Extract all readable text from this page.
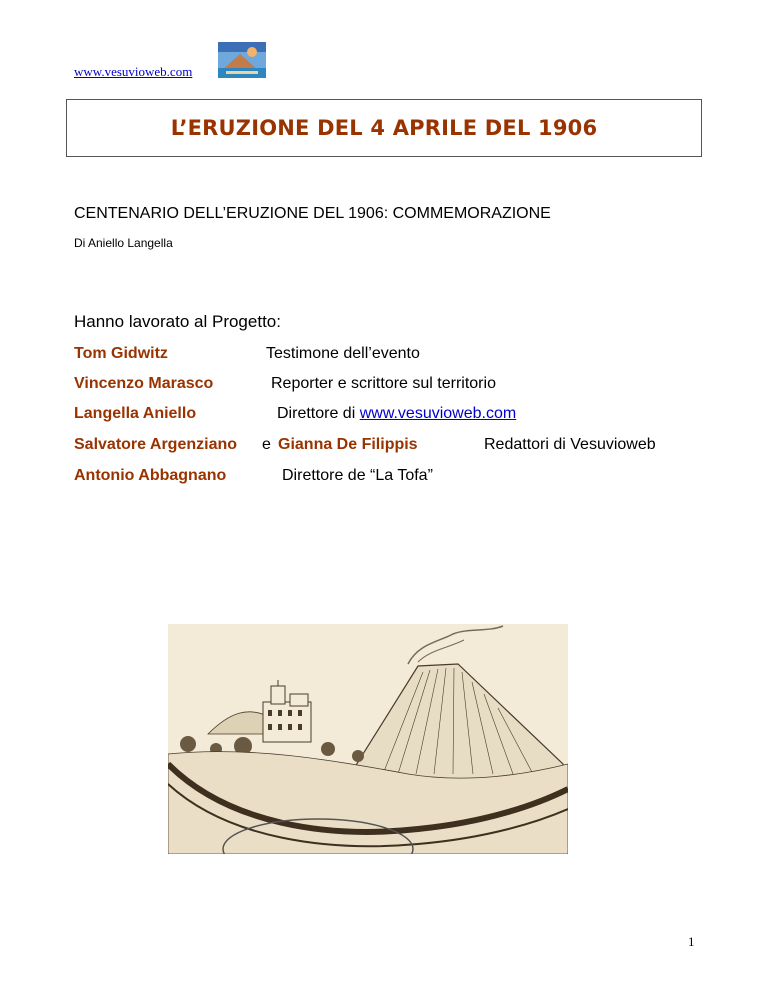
www.vesuvioweb.com
L’ERUZIONE DEL 4 APRILE DEL 1906
CENTENARIO DELL’ERUZIONE DEL 1906: COMMEMORAZIONE
Di Aniello Langella
Hanno lavorato al Progetto:
Tom Gidwitz	Testimone dell’evento
Vincenzo Marasco	Reporter e scrittore sul territorio
Langella Aniello	Direttore di www.vesuvioweb.com
Salvatore Argenziano e Gianna De Filippis	Redattori di Vesuvioweb
Antonio Abbagnano	Direttore de “La Tofa”
1
